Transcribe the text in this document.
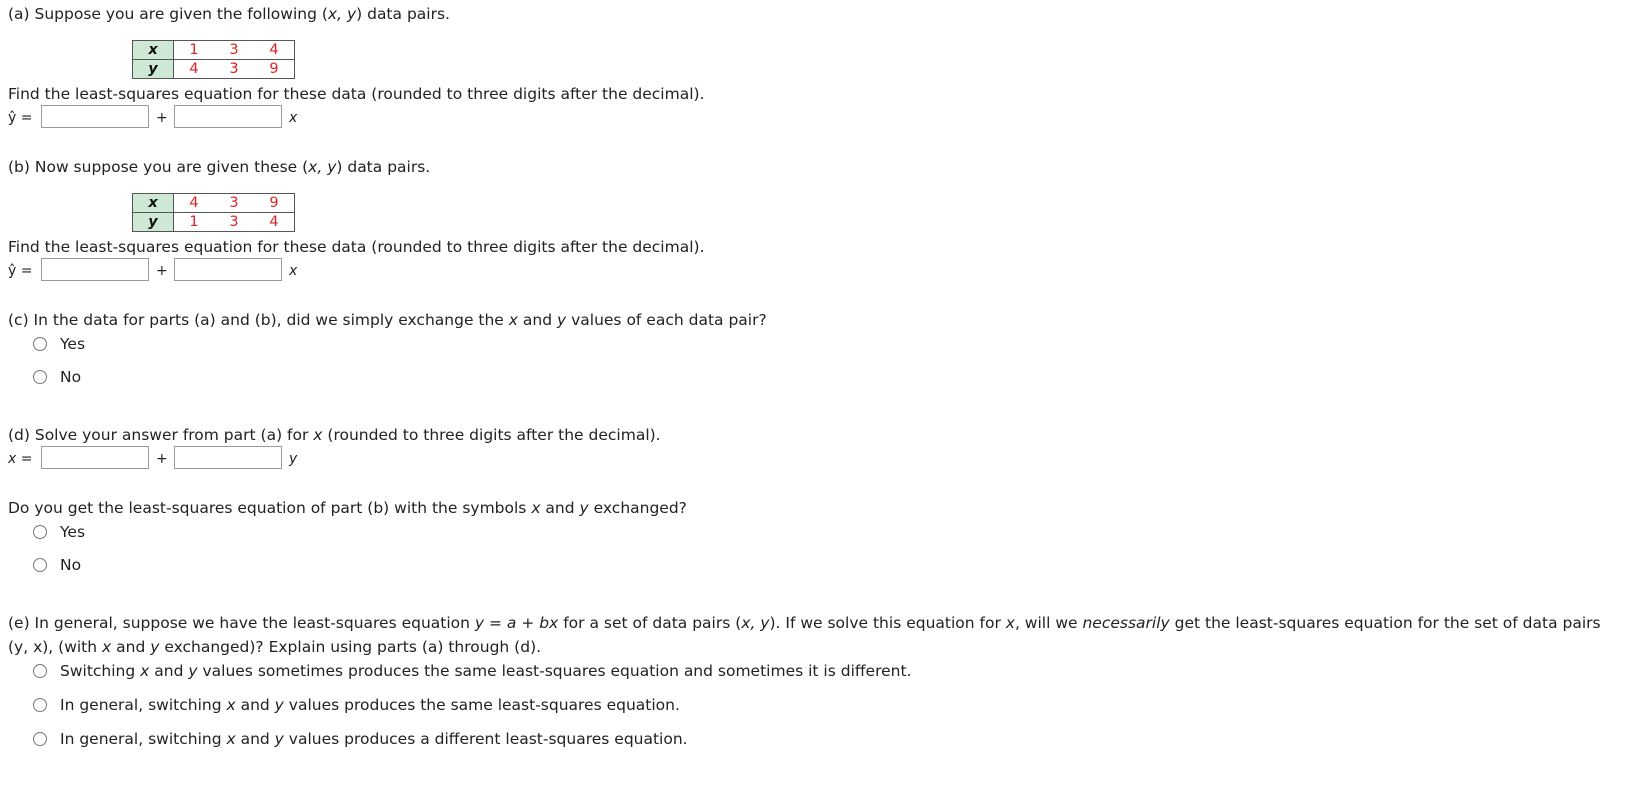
(a) Suppose you are given the following (x, y) data pairs.
x	1	3	4
y	4	3	9
Find the least-squares equation for these data (rounded to three digits after the decimal).
ŷ =	+	x
(b) Now suppose you are given these (x, y) data pairs.
x	4	3	9
y	1	3	4
Find the least-squares equation for these data (rounded to three digits after the decimal).
ŷ =	+	x
(c) In the data for parts (a) and (b), did we simply exchange the x and y values of each data pair?
Yes
No
(d) Solve your answer from part (a) for x (rounded to three digits after the decimal).
x =	+	y
Do you get the least-squares equation of part (b) with the symbols x and y exchanged?
Yes
No
(e) In general, suppose we have the least-squares equation y = a + bx for a set of data pairs (x, y). If we solve this equation for x, will we necessarily get the least-squares equation for the set of data pairs
(y, x), (with x and y exchanged)? Explain using parts (a) through (d).
Switching x and y values sometimes produces the same least-squares equation and sometimes it is different.
In general, switching x and y values produces the same least-squares equation.
In general, switching x and y values produces a different least-squares equation.
